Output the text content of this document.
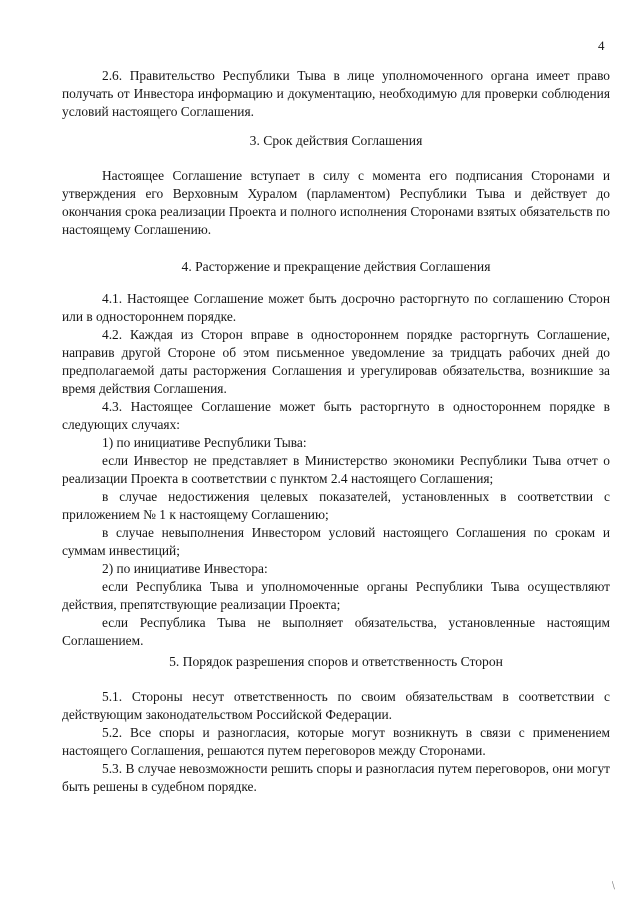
4

2.6. Правительство Республики Тыва в лице уполномоченного органа имеет право получать от Инвестора информацию и документацию, необходимую для проверки соблюдения условий настоящего Соглашения.

3. Срок действия Соглашения

Настоящее Соглашение вступает в силу с момента его подписания Сторонами и утверждения его Верховным Хуралом (парламентом) Республики Тыва и действует до окончания срока реализации Проекта и полного исполнения Сторонами взятых обязательств по настоящему Соглашению.

4. Расторжение и прекращение действия Соглашения

4.1. Настоящее Соглашение может быть досрочно расторгнуто по соглашению Сторон или в одностороннем порядке.

4.2. Каждая из Сторон вправе в одностороннем порядке расторгнуть Соглашение, направив другой Стороне об этом письменное уведомление за тридцать рабочих дней до предполагаемой даты расторжения Соглашения и урегулировав обязательства, возникшие за время действия Соглашения.

4.3. Настоящее Соглашение может быть расторгнуто в одностороннем порядке в следующих случаях:

1) по инициативе Республики Тыва:

если Инвестор не представляет в Министерство экономики Республики Тыва отчет о реализации Проекта в соответствии с пунктом 2.4 настоящего Соглашения;

в случае недостижения целевых показателей, установленных в соответствии с приложением № 1 к настоящему Соглашению;

в случае невыполнения Инвестором условий настоящего Соглашения по срокам и суммам инвестиций;

2) по инициативе Инвестора:

если Республика Тыва и уполномоченные органы Республики Тыва осуществляют действия, препятствующие реализации Проекта;

если Республика Тыва не выполняет обязательства, установленные настоящим Соглашением.

5. Порядок разрешения споров и ответственность Сторон

5.1. Стороны несут ответственность по своим обязательствам в соответствии с действующим законодательством Российской Федерации.

5.2. Все споры и разногласия, которые могут возникнуть в связи с применением настоящего Соглашения, решаются путем переговоров между Сторонами.

5.3. В случае невозможности решить споры и разногласия путем переговоров, они могут быть решены в судебном порядке.

/
